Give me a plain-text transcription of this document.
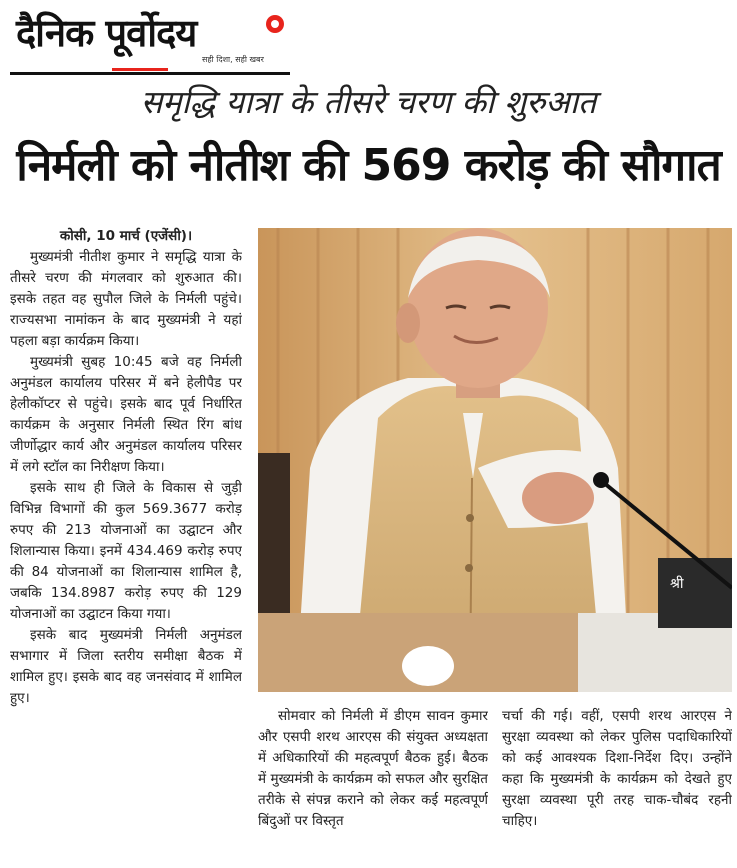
दैनिक पूर्वोदय
सही दिशा, सही खबर
समृद्धि यात्रा के तीसरे चरण की शुरुआत
निर्मली को नीतीश की 569 करोड़ की सौगात

कोसी, 10 मार्च (एजेंसी)।

मुख्यमंत्री नीतीश कुमार ने समृद्धि यात्रा के तीसरे चरण की मंगलवार को शुरुआत की। इसके तहत वह सुपौल जिले के निर्मली पहुंचे। राज्यसभा नामांकन के बाद मुख्यमंत्री ने यहां पहला बड़ा कार्यक्रम किया।

मुख्यमंत्री सुबह 10:45 बजे वह निर्मली अनुमंडल कार्यालय परिसर में बने हेलीपैड पर हेलीकॉप्टर से पहुंचे। इसके बाद पूर्व निर्धारित कार्यक्रम के अनुसार निर्मली स्थित रिंग बांध जीर्णोद्धार कार्य और अनुमंडल कार्यालय परिसर में लगे स्टॉल का निरीक्षण किया।

इसके साथ ही जिले के विकास से जुड़ी विभिन्न विभागों की कुल 569.3677 करोड़ रुपए की 213 योजनाओं का उद्घाटन और शिलान्यास किया। इनमें 434.469 करोड़ रुपए की 84 योजनाओं का शिलान्यास शामिल है, जबकि 134.8987 करोड़ रुपए की 129 योजनाओं का उद्घाटन किया गया।

इसके बाद मुख्यमंत्री निर्मली अनुमंडल सभागार में जिला स्तरीय समीक्षा बैठक में शामिल हुए। इसके बाद वह जनसंवाद में शामिल हुए।

श्री

सोमवार को निर्मली में डीएम सावन कुमार और एसपी शरथ आरएस की संयुक्त अध्यक्षता में अधिकारियों की महत्वपूर्ण बैठक हुई। बैठक में मुख्यमंत्री के कार्यक्रम को सफल और सुरक्षित तरीके से संपन्न कराने को लेकर कई महत्वपूर्ण बिंदुओं पर विस्तृत

चर्चा की गई। वहीं, एसपी शरथ आरएस ने सुरक्षा व्यवस्था को लेकर पुलिस पदाधिकारियों को कई आवश्यक दिशा-निर्देश दिए। उन्होंने कहा कि मुख्यमंत्री के कार्यक्रम को देखते हुए सुरक्षा व्यवस्था पूरी तरह चाक-चौबंद रहनी चाहिए।
